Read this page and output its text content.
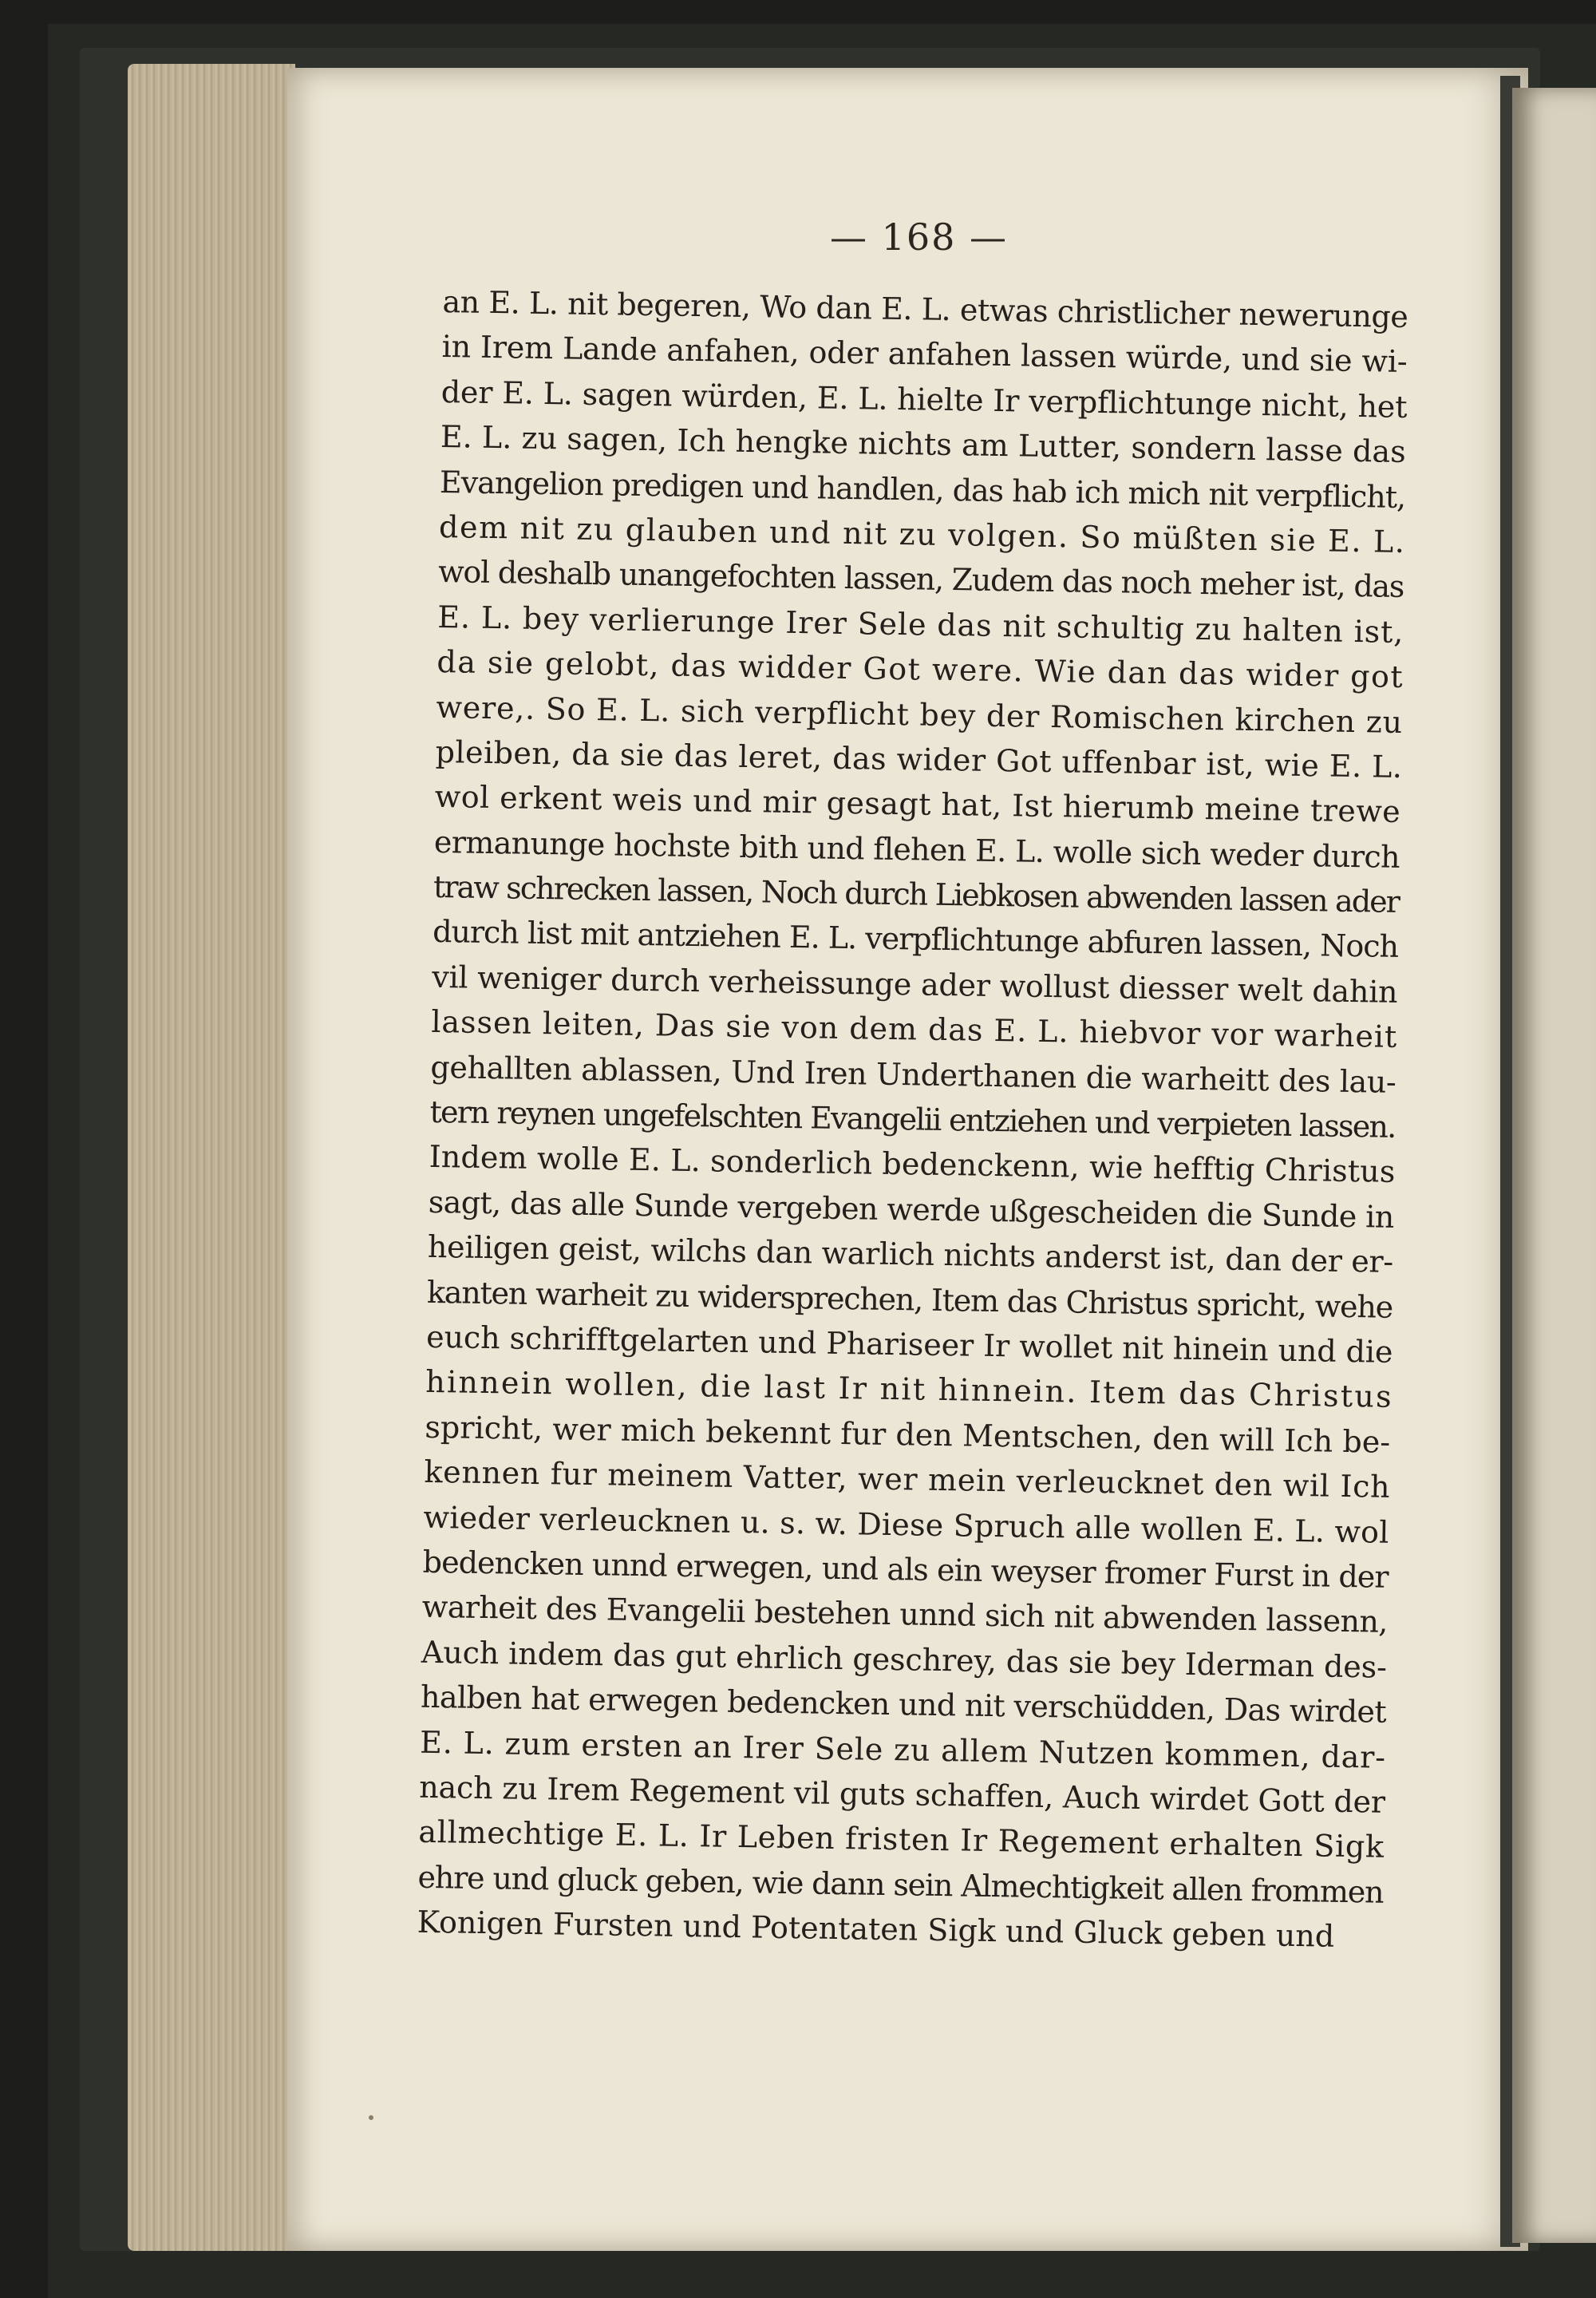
— 168 —
an E. L. nit begeren, Wo dan E. L. etwas christlicher newerunge
in Irem Lande anfahen, oder anfahen lassen würde, und sie wi-
der E. L. sagen würden, E. L. hielte Ir verpflichtunge nicht, het
E. L. zu sagen, Ich hengke nichts am Lutter, sondern lasse das
Evangelion predigen und handlen, das hab ich mich nit verpflicht,
dem nit zu glauben und nit zu volgen. So müßten sie E. L.
wol deshalb unangefochten lassen, Zudem das noch meher ist, das
E. L. bey verlierunge Irer Sele das nit schultig zu halten ist,
da sie gelobt, das widder Got were. Wie dan das wider got
were,. So E. L. sich verpflicht bey der Romischen kirchen zu
pleiben, da sie das leret, das wider Got uffenbar ist, wie E. L.
wol erkent weis und mir gesagt hat, Ist hierumb meine trewe
ermanunge hochste bith und flehen E. L. wolle sich weder durch
traw schrecken lassen, Noch durch Liebkosen abwenden lassen ader
durch list mit antziehen E. L. verpflichtunge abfuren lassen, Noch
vil weniger durch verheissunge ader wollust diesser welt dahin
lassen leiten, Das sie von dem das E. L. hiebvor vor warheit
gehallten ablassen, Und Iren Underthanen die warheitt des lau-
tern reynen ungefelschten Evangelii entziehen und verpieten lassen.
Indem wolle E. L. sonderlich bedenckenn, wie hefftig Christus
sagt, das alle Sunde vergeben werde ußgescheiden die Sunde in
heiligen geist, wilchs dan warlich nichts anderst ist, dan der er-
kanten warheit zu widersprechen, Item das Christus spricht, wehe
euch schrifftgelarten und Phariseer Ir wollet nit hinein und die
hinnein wollen, die last Ir nit hinnein. Item das Christus
spricht, wer mich bekennt fur den Mentschen, den will Ich be-
kennen fur meinem Vatter, wer mein verleucknet den wil Ich
wieder verleucknen u. s. w. Diese Spruch alle wollen E. L. wol
bedencken unnd erwegen, und als ein weyser fromer Furst in der
warheit des Evangelii bestehen unnd sich nit abwenden lassenn,
Auch indem das gut ehrlich geschrey, das sie bey Iderman des-
halben hat erwegen bedencken und nit verschüdden, Das wirdet
E. L. zum ersten an Irer Sele zu allem Nutzen kommen, dar-
nach zu Irem Regement vil guts schaffen, Auch wirdet Gott der
allmechtige E. L. Ir Leben fristen Ir Regement erhalten Sigk
ehre und gluck geben, wie dann sein Almechtigkeit allen frommen
Konigen Fursten und Potentaten Sigk und Gluck geben und
